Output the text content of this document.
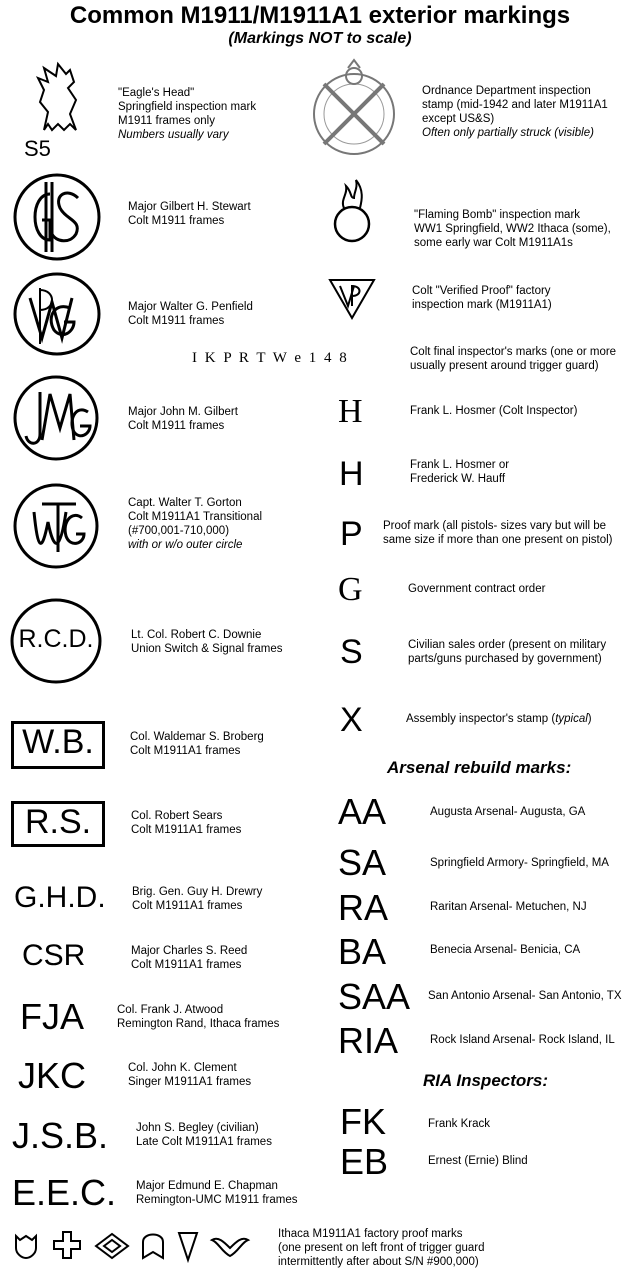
Common M1911/M1911A1 exterior markings
(Markings NOT to scale)
S5
"Eagle's Head"
Springfield inspection mark
M1911 frames only
Numbers usually vary
Major Gilbert H. Stewart
Colt M1911 frames
Major Walter G. Penfield
Colt M1911 frames
Major John M. Gilbert
Colt M1911 frames
Capt. Walter T. Gorton
Colt M1911A1 Transitional
(#700,001-710,000)
with or w/o outer circle
R.C.D.	Lt. Col. Robert C. Downie
Union Switch & Signal frames
W.B.	Col. Waldemar S. Broberg
Colt M1911A1 frames
R.S.	Col. Robert Sears
Colt M1911A1 frames
G.H.D. Brig. Gen. Guy H. Drewry
Colt M1911A1 frames
CSR	Major Charles S. Reed
Colt M1911A1 frames
FJA	Col. Frank J. Atwood
Remington Rand, Ithaca frames
JKC	Col. John K. Clement
Singer M1911A1 frames
J.S.B. John S. Begley (civilian)
Late Colt M1911A1 frames
E.E.C. Major Edmund E. Chapman
Remington-UMC M1911 frames
Ithaca M1911A1 factory proof marks
(one present on left front of trigger guard
intermittently after about S/N #900,000)
Ordnance Department inspection
stamp (mid-1942 and later M1911A1
except US&S)
Often only partially struck (visible)
"Flaming Bomb" inspection mark
WW1 Springfield, WW2 Ithaca (some),
some early war Colt M1911A1s
Colt "Verified Proof" factory
inspection mark (M1911A1)
I K P R T W e 1 4 8	Colt final inspector's marks (one or more
usually present around trigger guard)
H	Frank L. Hosmer (Colt Inspector)
H	Frank L. Hosmer or
Frederick W. Hauff
P Proof mark (all pistols- sizes vary but will be
same size if more than one present on pistol)
G	Government contract order
S	Civilian sales order (present on military
parts/guns purchased by government)
X	Assembly inspector's stamp (typical)
Arsenal rebuild marks:
AA	Augusta Arsenal- Augusta, GA
SA	Springfield Armory- Springfield, MA
RA	Raritan Arsenal- Metuchen, NJ
BA	Benecia Arsenal- Benicia, CA
SAA San Antonio Arsenal- San Antonio, TX
RIA	Rock Island Arsenal- Rock Island, IL
RIA Inspectors:
FK	Frank Krack
EB	Ernest (Ernie) Blind
